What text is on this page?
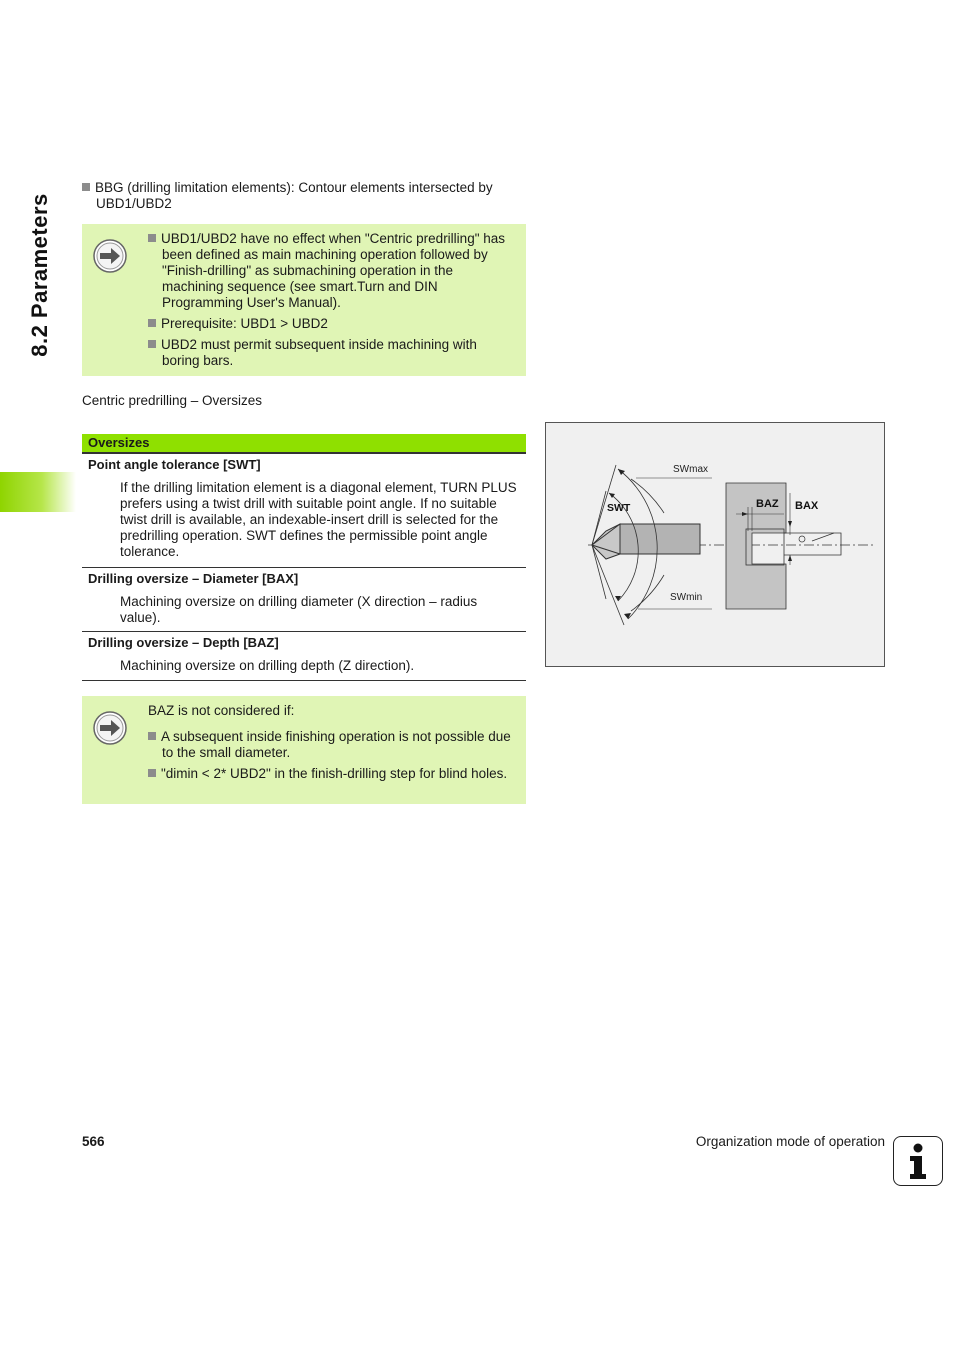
8.2 Parameters
BBG (drilling limitation elements): Contour elements intersected by UBD1/UBD2

UBD1/UBD2 have no effect when "Centric predrilling" has been defined as main machining operation followed by "Finish-drilling" as submachining operation in the machining sequence (see smart.Turn and DIN Programming User's Manual).

Prerequisite: UBD1 > UBD2

UBD2 must permit subsequent inside machining with boring bars.

Centric predrilling – Oversizes
Oversizes
Point angle tolerance [SWT]
If the drilling limitation element is a diagonal element, TURN PLUS prefers using a twist drill with suitable point angle. If no suitable twist drill is available, an indexable-insert drill is selected for the predrilling operation. SWT defines the permissible point angle tolerance.
Drilling oversize – Diameter [BAX]
Machining oversize on drilling diameter (X direction – radius value).
Drilling oversize – Depth [BAZ]
Machining oversize on drilling depth (Z direction).
SWmax
SWT
SWmin
BAZ BAX

BAZ is not considered if:

A subsequent inside finishing operation is not possible due to the small diameter.

"dimin < 2* UBD2" in the finish-drilling step for blind holes.

566	Organization mode of operation
